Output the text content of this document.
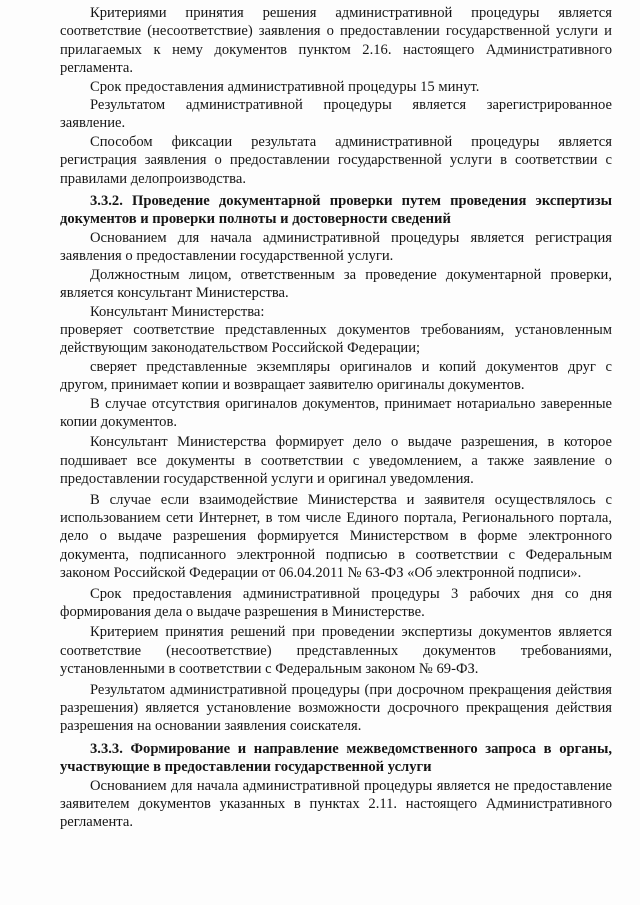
Критериями принятия решения административной процедуры является соответствие (несоответствие) заявления о предоставлении государственной услуги и прилагаемых к нему документов пунктом 2.16. настоящего Административного регламента.

Срок предоставления административной процедуры 15 минут.

Результатом административной процедуры является зарегистрированное заявление.

Способом фиксации результата административной процедуры является регистрация заявления о предоставлении государственной услуги в соответствии с правилами делопроизводства.

3.3.2. Проведение документарной проверки путем проведения экспертизы документов и проверки полноты и достоверности сведений

Основанием для начала административной процедуры является регистрация заявления о предоставлении государственной услуги.

Должностным лицом, ответственным за проведение документарной проверки, является консультант Министерства.

Консультант Министерства:

проверяет соответствие представленных документов требованиям, установленным действующим законодательством Российской Федерации;

сверяет представленные экземпляры оригиналов и копий документов друг с другом, принимает копии и возвращает заявителю оригиналы документов.

В случае отсутствия оригиналов документов, принимает нотариально заверенные копии документов.

Консультант Министерства формирует дело о выдаче разрешения, в которое подшивает все документы в соответствии с уведомлением, а также заявление о предоставлении государственной услуги и оригинал уведомления.

В случае если взаимодействие Министерства и заявителя осуществлялось с использованием сети Интернет, в том числе Единого портала, Регионального портала, дело о выдаче разрешения формируется Министерством в форме электронного документа, подписанного электронной подписью в соответствии с Федеральным законом Российской Федерации от 06.04.2011 № 63-ФЗ «Об электронной подписи».

Срок предоставления административной процедуры 3 рабочих дня со дня формирования дела о выдаче разрешения в Министерстве.

Критерием принятия решений при проведении экспертизы документов является соответствие (несоответствие) представленных документов требованиями, установленными в соответствии с Федеральным законом № 69-ФЗ.

Результатом административной процедуры (при досрочном прекращения действия разрешения) является установление возможности досрочного прекращения действия разрешения на основании заявления соискателя.

3.3.3. Формирование и направление межведомственного запроса в органы, участвующие в предоставлении государственной услуги

Основанием для начала административной процедуры является не предоставление заявителем документов указанных в пунктах 2.11. настоящего Административного регламента.
